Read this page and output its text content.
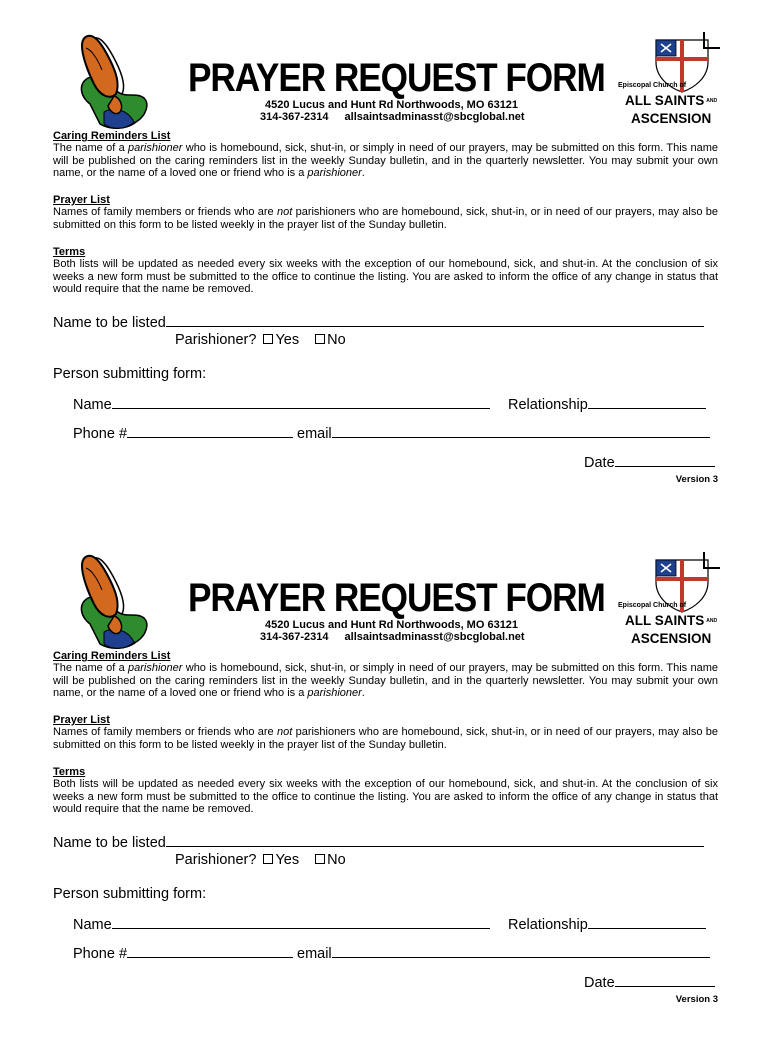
PRAYER REQUEST FORM
4520 Lucus and Hunt Rd Northwoods, MO 63121
314-367-2314 allsaintsadminasst@sbcglobal.net
Episcopal Church of
ALL SAINTS AND
ASCENSION
Caring Reminders List
The name of a parishioner who is homebound, sick, shut-in, or simply in need of our prayers, may be submitted on this form. This name will be published on the caring reminders list in the weekly Sunday bulletin, and in the quarterly newsletter. You may submit your own name, or the name of a loved one or friend who is a parishioner.
Prayer List
Names of family members or friends who are not parishioners who are homebound, sick, shut-in, or in need of our prayers, may also be submitted on this form to be listed weekly in the prayer list of the Sunday bulletin.
Terms
Both lists will be updated as needed every six weeks with the exception of our homebound, sick, and shut-in. At the conclusion of six weeks a new form must be submitted to the office to continue the listing. You are asked to inform the office of any change in status that would require that the name be removed.
Name to be listed
Parishioner? Yes No
Person submitting form:
Name	Relationship
Phone #	email
Date
Version 3
PRAYER REQUEST FORM
4520 Lucus and Hunt Rd Northwoods, MO 63121
314-367-2314 allsaintsadminasst@sbcglobal.net
Episcopal Church of
ALL SAINTS AND
ASCENSION
Caring Reminders List
The name of a parishioner who is homebound, sick, shut-in, or simply in need of our prayers, may be submitted on this form. This name will be published on the caring reminders list in the weekly Sunday bulletin, and in the quarterly newsletter. You may submit your own name, or the name of a loved one or friend who is a parishioner.
Prayer List
Names of family members or friends who are not parishioners who are homebound, sick, shut-in, or in need of our prayers, may also be submitted on this form to be listed weekly in the prayer list of the Sunday bulletin.
Terms
Both lists will be updated as needed every six weeks with the exception of our homebound, sick, and shut-in. At the conclusion of six weeks a new form must be submitted to the office to continue the listing. You are asked to inform the office of any change in status that would require that the name be removed.
Name to be listed
Parishioner? Yes No
Person submitting form:
Name	Relationship
Phone #	email
Date
Version 3
